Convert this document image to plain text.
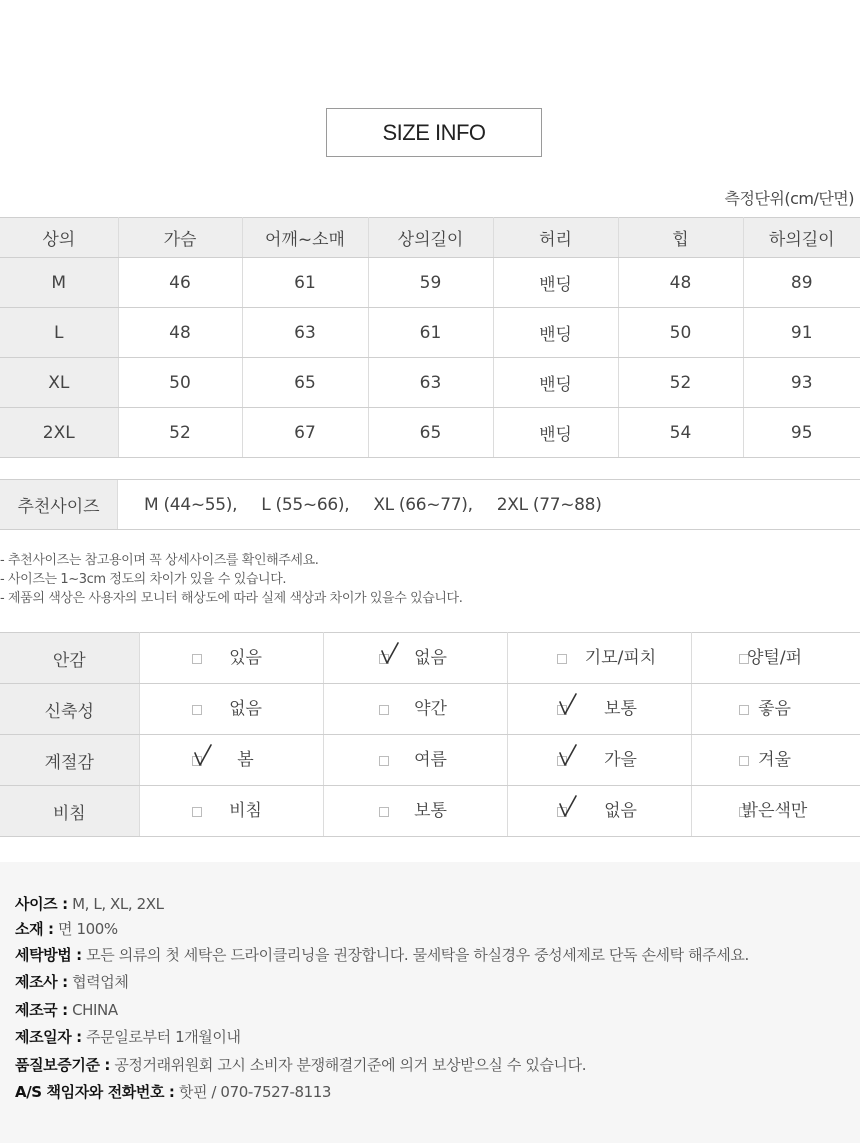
SIZE INFO
측정단위(cm/단면)
상의	가슴	어깨~소매	상의길이	허리	힙	하의길이
M	46	61	59	밴딩	48	89
L	48	63	61	밴딩	50	91
XL	50	65	63	밴딩	52	93
2XL	52	67	65	밴딩	54	95
추천사이즈	M (44~55), L (55~66), XL (66~77), 2XL (77~88)
- 추천사이즈는 참고용이며 꼭 상세사이즈를 확인해주세요.
- 사이즈는 1~3cm 정도의 차이가 있을 수 있습니다.
- 제품의 색상은 사용자의 모니터 해상도에 따라 실제 색상과 차이가 있을수 있습니다.
안감	있음	없음	기모/피치	양털/퍼

신축성	없음	약간	보통	좋음

계절감	봄	여름	가을	겨울

비침	비침	보통	없음	밝은색만
사이즈 : M, L, XL, 2XL
소재 : 면 100%
세탁방법 : 모든 의류의 첫 세탁은 드라이클리닝을 권장합니다. 물세탁을 하실경우 중성세제로 단독 손세탁 해주세요.
제조사 : 협력업체
제조국 : CHINA
제조일자 : 주문일로부터 1개월이내
품질보증기준 : 공정거래위원회 고시 소비자 분쟁해결기준에 의거 보상받으실 수 있습니다.
A/S 책임자와 전화번호 : 핫핀 / 070-7527-8113
